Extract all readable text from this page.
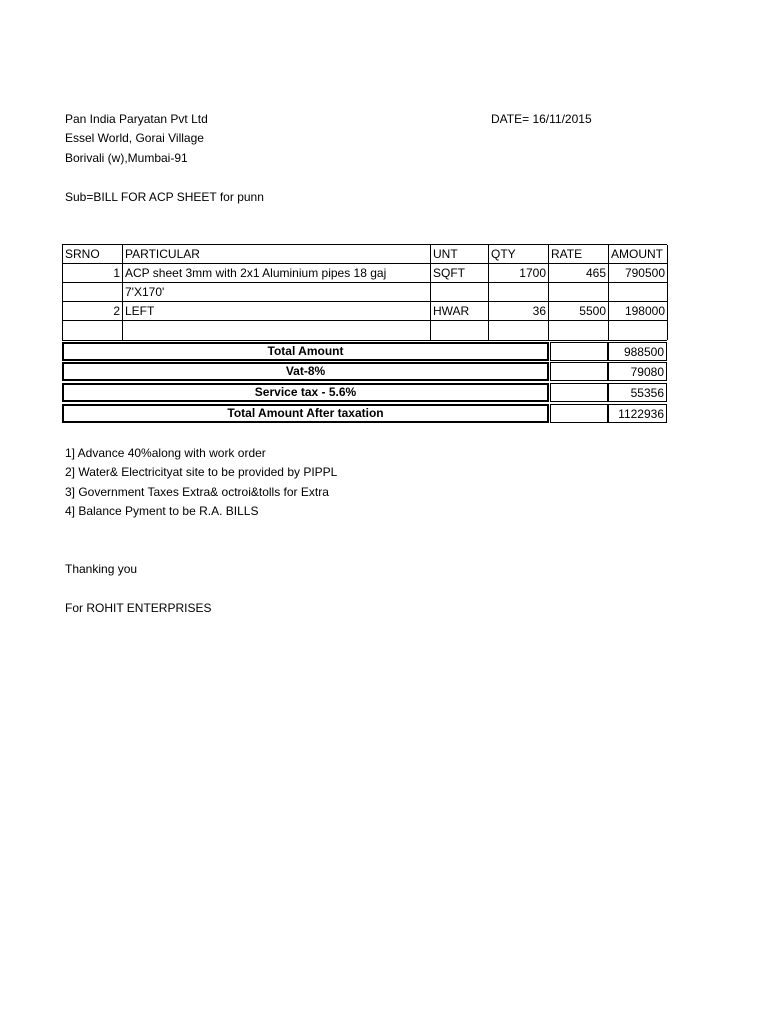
Pan India Paryatan Pvt Ltd	DATE= 16/11/2015
Essel World, Gorai Village
Borivali (w),Mumbai-91
Sub=BILL FOR ACP SHEET for punn
SRNO	PARTICULAR	UNT	QTY	RATE	AMOUNT
1 ACP sheet 3mm with 2x1 Aluminium pipes 18 gaj	SQFT	1700	465	790500
7'X170'
2 LEFT	HWAR	36	5500	198000
Total Amount	988500
Vat-8%	79080
Service tax - 5.6%	55356
Total Amount After taxation	1122936
1] Advance 40%along with work order
2] Water& Electricityat site to be provided by PIPPL
3] Government Taxes Extra& octroi&tolls for Extra
4] Balance Pyment to be R.A. BILLS
Thanking you
For ROHIT ENTERPRISES
